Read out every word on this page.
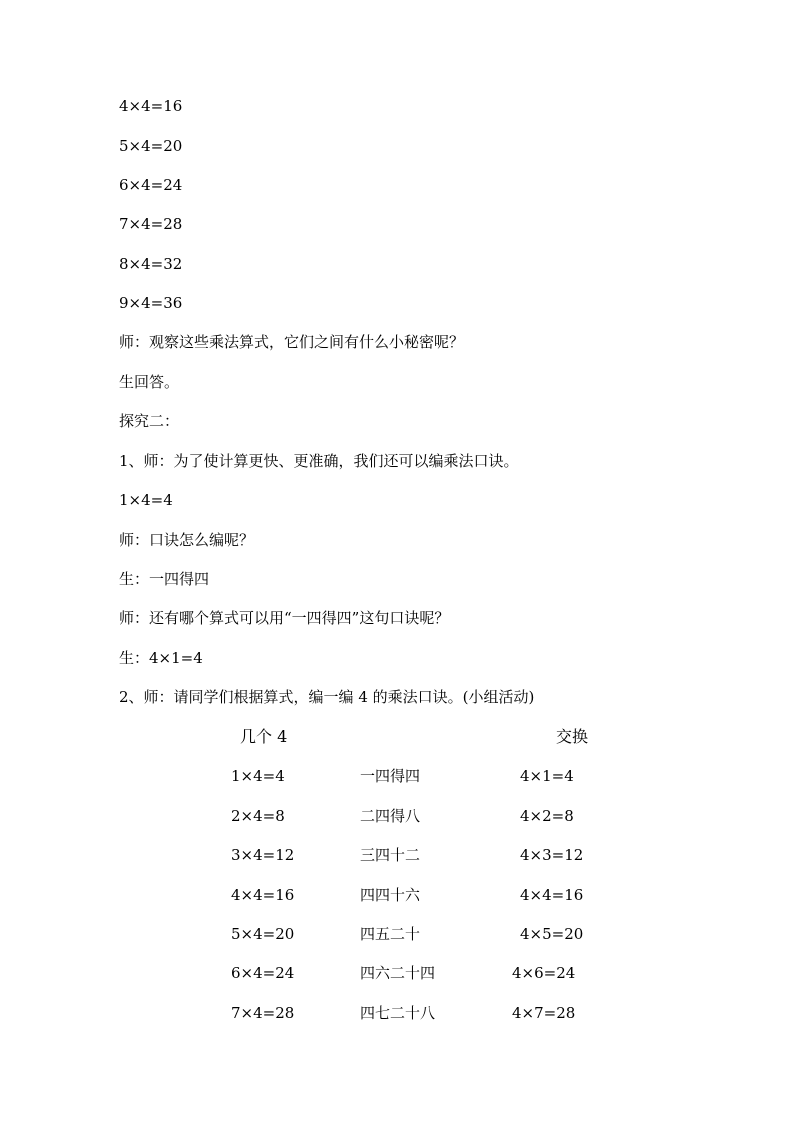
4×4=16
5×4=20
6×4=24
7×4=28
8×4=32
9×4=36
师：观察这些乘法算式，它们之间有什么小秘密呢？
生回答。
探究二：
1、师：为了使计算更快、更准确，我们还可以编乘法口诀。
1×4=4
师：口诀怎么编呢？
生：一四得四
师：还有哪个算式可以用“一四得四”这句口诀呢？
生：4×1=4
2、师：请同学们根据算式，编一编 4 的乘法口诀。(小组活动)
几个 4	交换
1×4=4	一四得四	4×1=4
2×4=8	二四得八	4×2=8
3×4=12	三四十二	4×3=12
4×4=16	四四十六	4×4=16
5×4=20	四五二十	4×5=20
6×4=24	四六二十四	4×6=24
7×4=28	四七二十八	4×7=28
